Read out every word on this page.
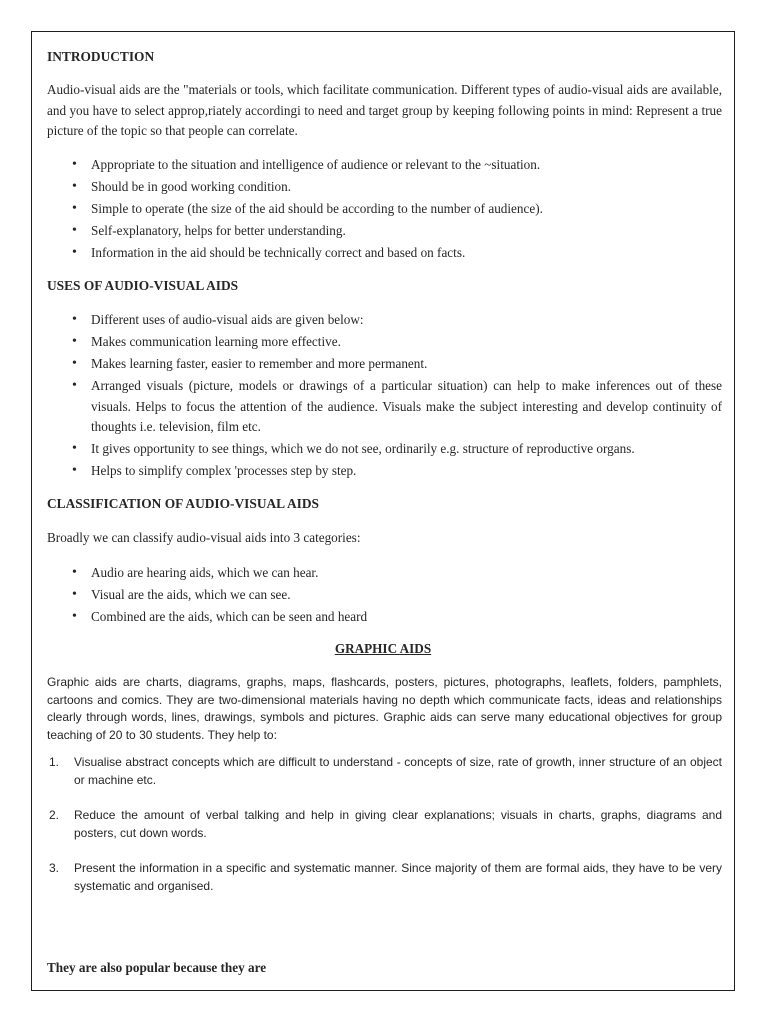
INTRODUCTION

Audio-visual aids are the "materials or tools, which facilitate communication. Different types of audio-visual aids are available, and you have to select approp,riately accordingi to need and target group by keeping following points in mind: Represent a true picture of the topic so that people can correlate.

• Appropriate to the situation and intelligence of audience or relevant to the ~situation.
• Should be in good working condition.
• Simple to operate (the size of the aid should be according to the number of audience).
• Self-explanatory, helps for better understanding.
• Information in the aid should be technically correct and based on facts.

USES OF AUDIO-VISUAL AIDS

• Different uses of audio-visual aids are given below:
• Makes communication learning more effective.
• Makes learning faster, easier to remember and more permanent.
• Arranged visuals (picture, models or drawings of a particular situation) can help to make inferences out of these visuals. Helps to focus the attention of the audience. Visuals make the subject interesting and develop continuity of thoughts i.e. television, film etc.
• It gives opportunity to see things, which we do not see, ordinarily e.g. structure of reproductive organs.
• Helps to simplify complex 'processes step by step.

CLASSIFICATION OF AUDIO-VISUAL AIDS

Broadly we can classify audio-visual aids into 3 categories:

• Audio are hearing aids, which we can hear.
• Visual are the aids, which we can see.
• Combined are the aids, which can be seen and heard

GRAPHIC AIDS

Graphic aids are charts, diagrams, graphs, maps, flashcards, posters, pictures, photographs, leaflets, folders, pamphlets, cartoons and comics. They are two-dimensional materials having no depth which communicate facts, ideas and relationships clearly through words, lines, drawings, symbols and pictures. Graphic aids can serve many educational objectives for group teaching of 20 to 30 students. They help to:

1. Visualise abstract concepts which are difficult to understand - concepts of size, rate of growth, inner structure of an object or machine etc.
2. Reduce the amount of verbal talking and help in giving clear explanations; visuals in charts, graphs, diagrams and posters, cut down words.
3. Present the information in a specific and systematic manner. Since majority of them are formal aids, they have to be very systematic and organised.

They are also popular because they are
